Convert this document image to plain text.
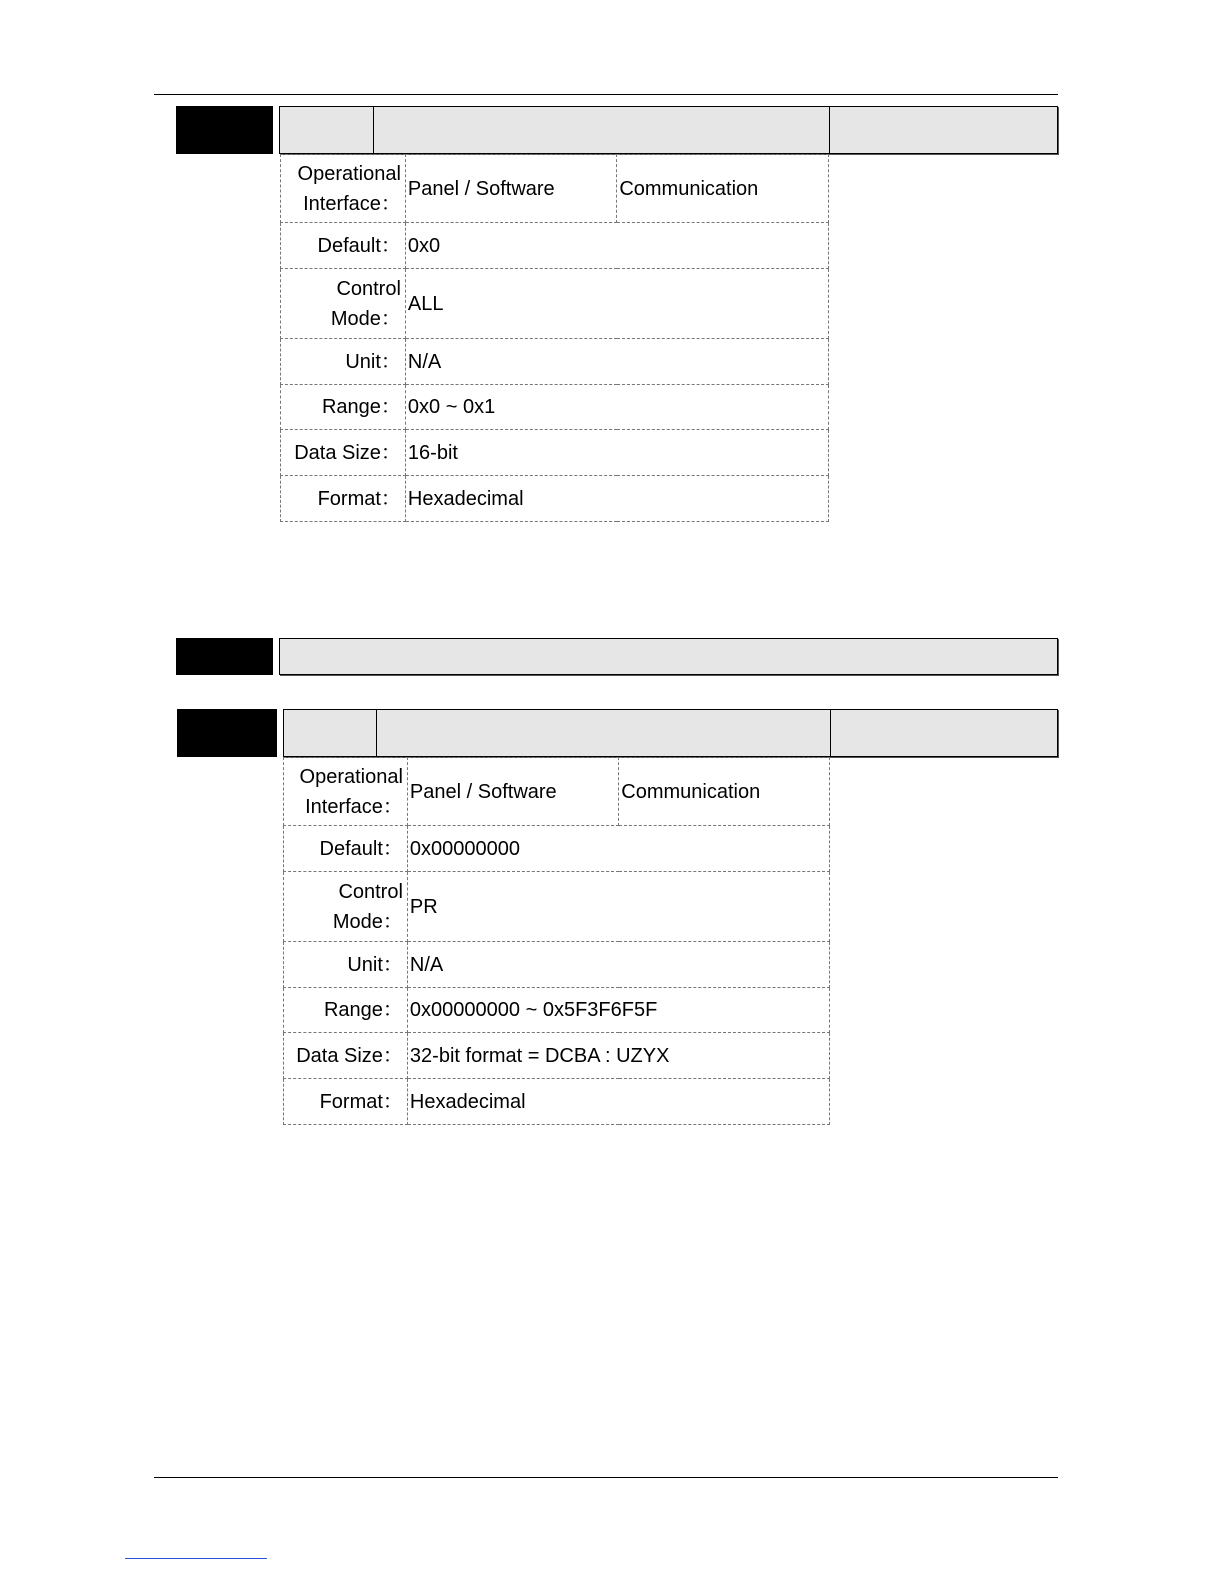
Operational
Interface：	Panel / Software	Communication
Default：	0x0	

Control
Mode：	ALL	
Unit：	N/A	
Range：	0x0 ~ 0x1	
Data Size：	16-bit	
Format：	Hexadecimal	
Operational
Interface：	Panel / Software	Communication
Default：	0x00000000	

Control
Mode：	PR	
Unit：	N/A	
Range：	0x00000000 ~ 0x5F3F6F5F	
Data Size：	32-bit format = DCBA : UZYX	
Format：	Hexadecimal	
